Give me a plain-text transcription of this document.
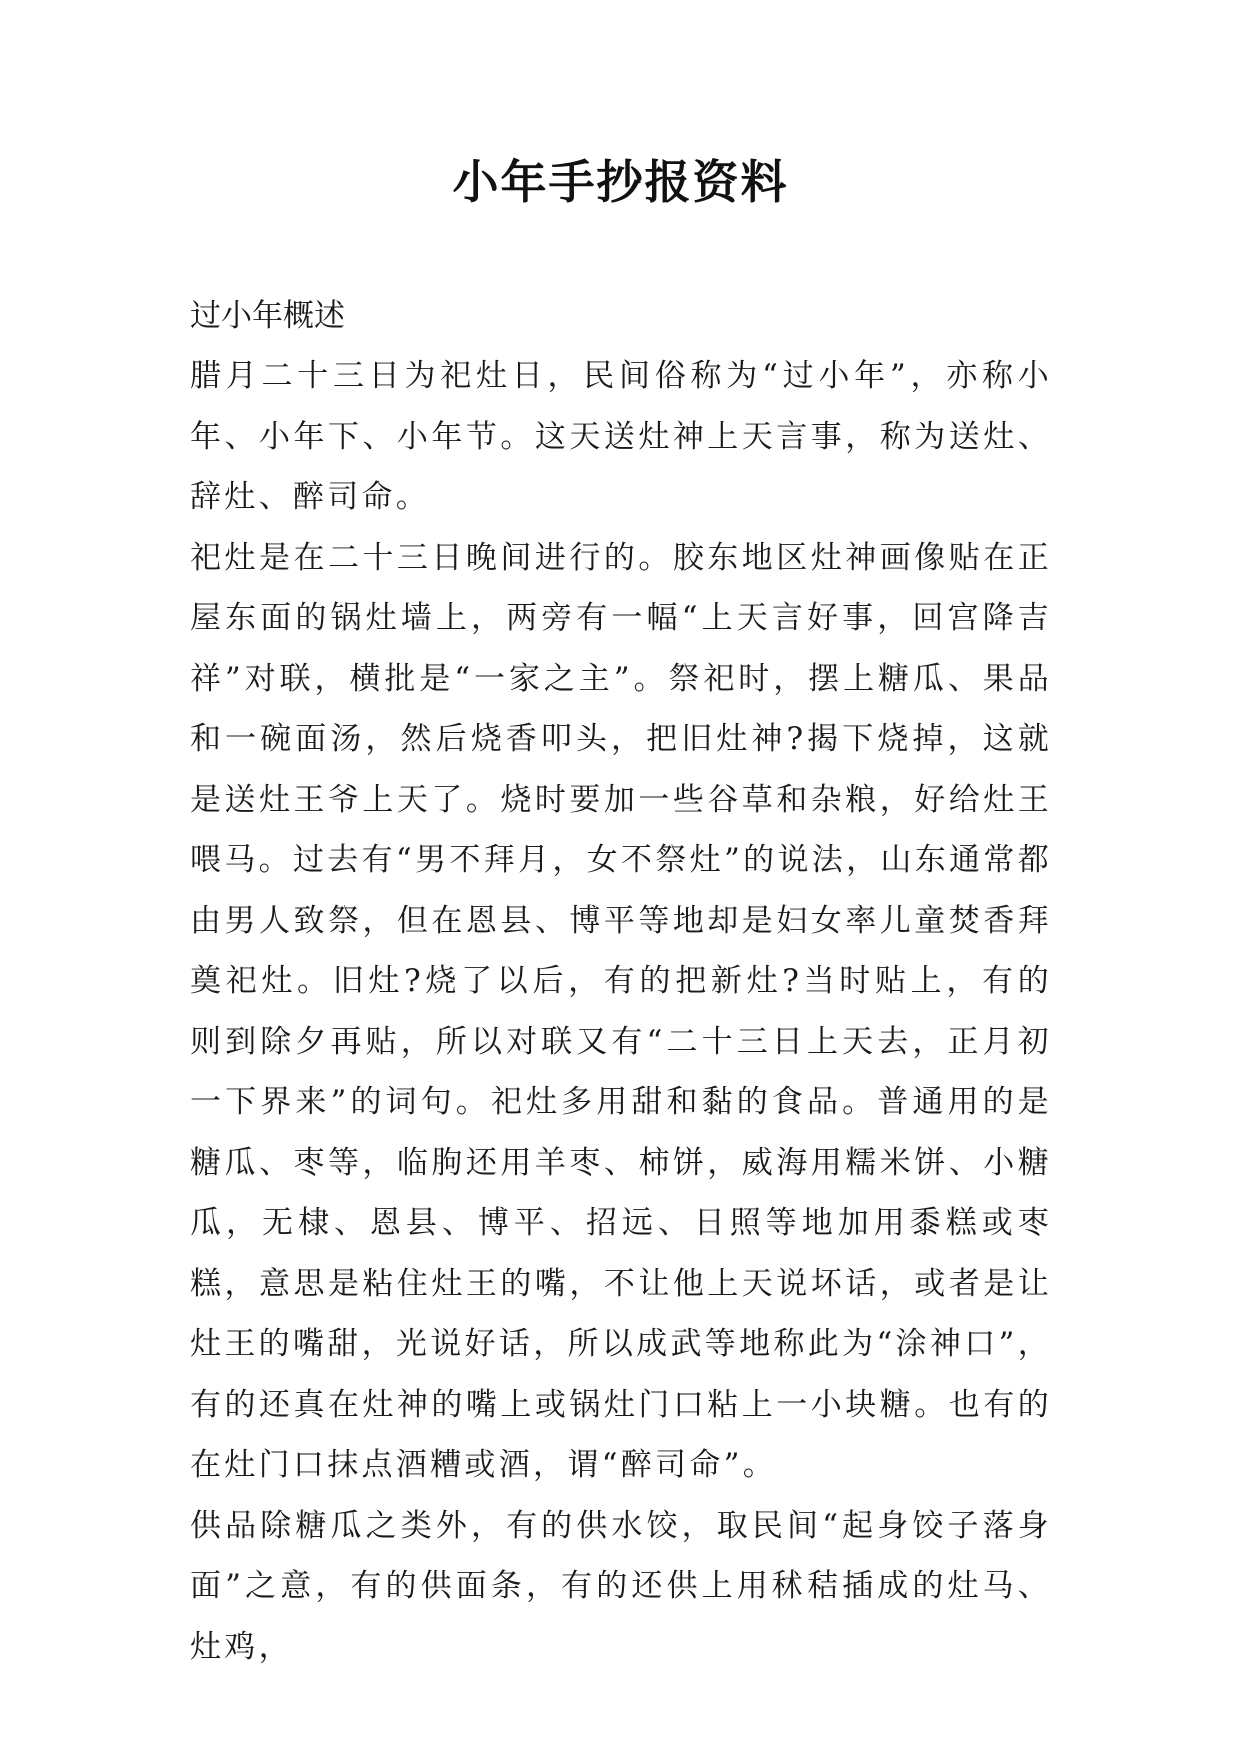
小年手抄报资料

过小年概述

腊月二十三日为祀灶日，民间俗称为“过小年”，亦称小年、小年下、小年节。这天送灶神上天言事，称为送灶、辞灶、醉司命。

祀灶是在二十三日晚间进行的。胶东地区灶神画像贴在正屋东面的锅灶墙上，两旁有一幅“上天言好事，回宫降吉祥”对联，横批是“一家之主”。祭祀时，摆上糖瓜、果品和一碗面汤，然后烧香叩头，把旧灶神?揭下烧掉，这就是送灶王爷上天了。烧时要加一些谷草和杂粮，好给灶王喂马。过去有“男不拜月，女不祭灶”的说法，山东通常都由男人致祭，但在恩县、博平等地却是妇女率儿童焚香拜奠祀灶。旧灶?烧了以后，有的把新灶?当时贴上，有的则到除夕再贴，所以对联又有“二十三日上天去，正月初一下界来”的词句。祀灶多用甜和黏的食品。普通用的是糖瓜、枣等，临朐还用羊枣、柿饼，威海用糯米饼、小糖瓜，无棣、恩县、博平、招远、日照等地加用黍糕或枣糕，意思是粘住灶王的嘴，不让他上天说坏话，或者是让灶王的嘴甜，光说好话，所以成武等地称此为“涂神口”，有的还真在灶神的嘴上或锅灶门口粘上一小块糖。也有的在灶门口抹点酒糟或酒，谓“醉司命”。

供品除糖瓜之类外，有的供水饺，取民间“起身饺子落身面”之意，有的供面条，有的还供上用秫秸插成的灶马、灶鸡，
